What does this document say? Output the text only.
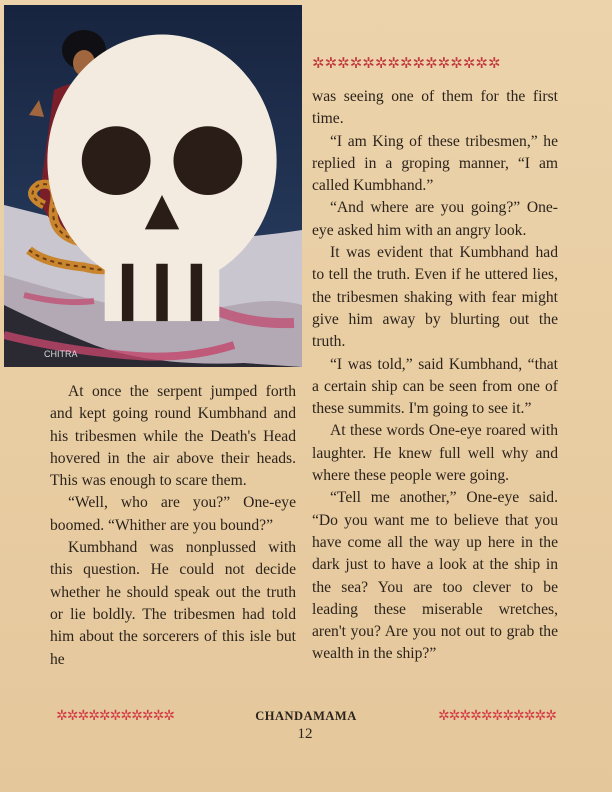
CHITRA
✲✲✲✲✲✲✲✲✲✲✲✲✲✲✲

At once the serpent jumped forth and kept going round Kumbhand and his tribesmen while the Death's Head hovered in the air above their heads. This was enough to scare them.

“Well, who are you?” One-eye boomed. “Whither are you bound?”

Kumbhand was nonplussed with this question. He could not decide whether he should speak out the truth or lie boldly. The tribesmen had told him about the sorcerers of this isle but he

was seeing one of them for the first time.

“I am King of these tribesmen,” he replied in a groping manner, “I am called Kumbhand.”

“And where are you going?” One-eye asked him with an angry look.

It was evident that Kumbhand had to tell the truth. Even if he uttered lies, the tribesmen shaking with fear might give him away by blurting out the truth.

“I was told,” said Kumbhand, “that a certain ship can be seen from one of these summits. I'm going to see it.”

At these words One-eye roared with laughter. He knew full well why and where these people were going.

“Tell me another,” One-eye said. “Do you want me to believe that you have come all the way up here in the dark just to have a look at the ship in the sea? You are too clever to be leading these miserable wretches, aren't you? Are you not out to grab the wealth in the ship?”

✲✲✲✲✲✲✲✲✲✲✲	CHANDAMAMA	✲✲✲✲✲✲✲✲✲✲✲
12
